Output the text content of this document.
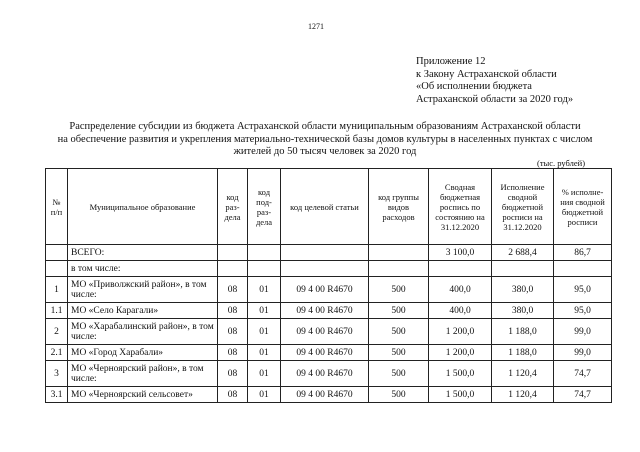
1271
Приложение 12
к Закону Астраханской области
«Об исполнении бюджета
Астраханской области за 2020 год»
Распределение субсидии из бюджета Астраханской области муниципальным образованиям Астраханской области
на обеспечение развития и укрепления материально-технической базы домов культуры в населенных пунктах с числом
жителей до 50 тысяч человек за 2020 год
(тыс. рублей)
№ п/п	Муниципальное образование	код раз-дела	код под-раз-дела	код целевой статьи	код группы видов расходов	Сводная бюджетная роспись по состоянию на 31.12.2020	Исполнение сводной бюджетной росписи на 31.12.2020	% исполне-ния сводной бюджетной росписи
	ВСЕГО:					3 100,0	2 688,4	86,7
	в том числе:							
1	МО «Приволжский район», в том числе:	08	01	09 4 00 R4670	500	400,0	380,0	95,0
1.1	МО «Село Карагали»	08	01	09 4 00 R4670	500	400,0	380,0	95,0
2	МО «Харабалинский район», в том числе:	08	01	09 4 00 R4670	500	1 200,0	1 188,0	99,0
2.1	МО «Город Харабали»	08	01	09 4 00 R4670	500	1 200,0	1 188,0	99,0
3	МО «Черноярский район», в том числе:	08	01	09 4 00 R4670	500	1 500,0	1 120,4	74,7
3.1	МО «Черноярский сельсовет»	08	01	09 4 00 R4670	500	1 500,0	1 120,4	74,7
